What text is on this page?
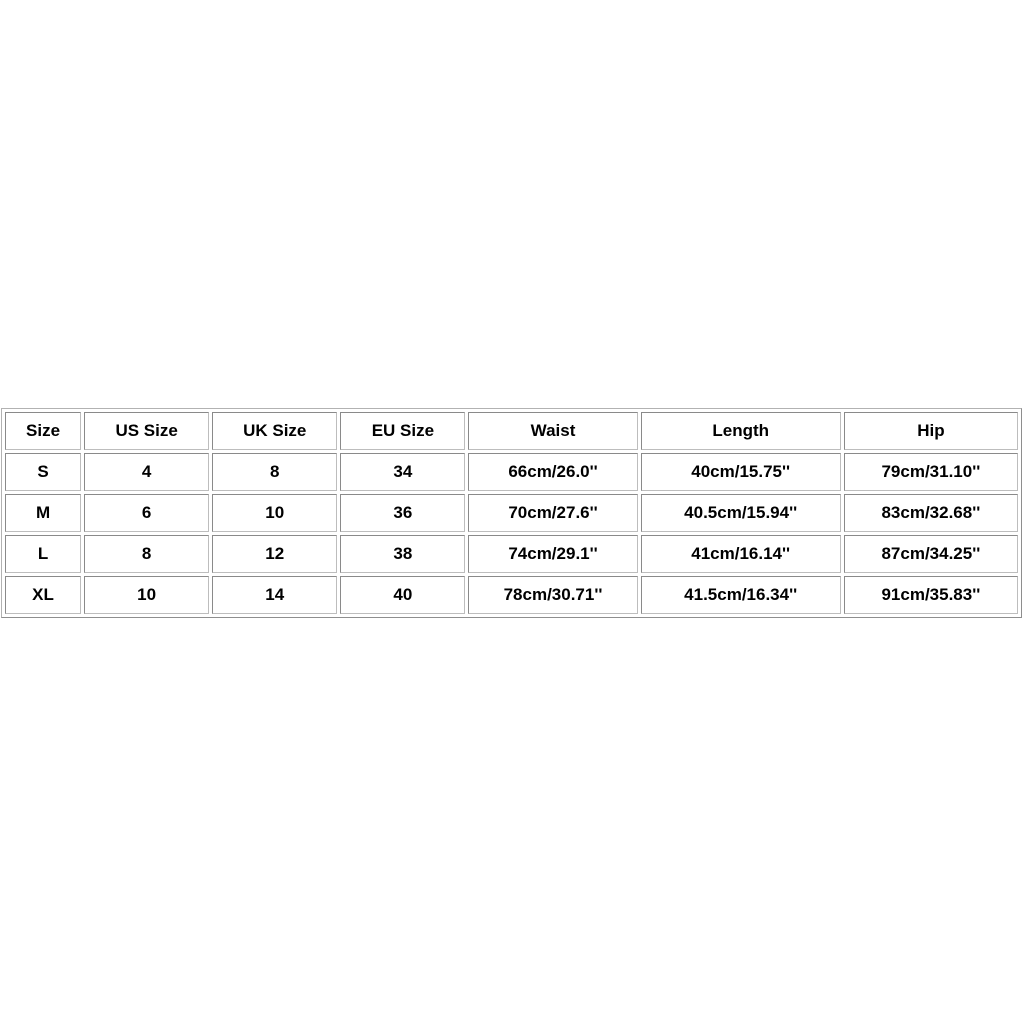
Size	US Size	UK Size	EU Size	Waist	Length	Hip
S	4	8	34	66cm/26.0''	40cm/15.75''	79cm/31.10''
M	6	10	36	70cm/27.6''	40.5cm/15.94''	83cm/32.68''
L	8	12	38	74cm/29.1''	41cm/16.14''	87cm/34.25''
XL	10	14	40	78cm/30.71''	41.5cm/16.34''	91cm/35.83''
